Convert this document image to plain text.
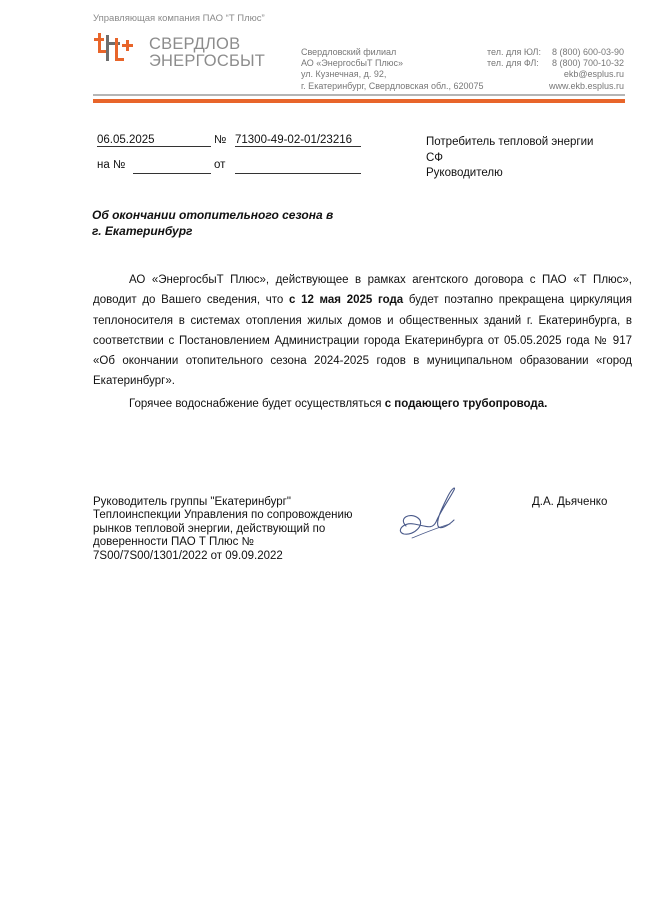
Управляющая компания ПАО “Т Плюс”
СВЕРДЛОВ
ЭНЕРГОСБЫТ	Свердловский филиал
АО «ЭнергосбыТ Плюс»
ул. Кузнечная, д. 92,
г. Екатеринбург, Свердловская обл., 620075
тел. для ЮЛ: 8 (800) 600-03-90
тел. для ФЛ: 8 (800) 700-10-32
ekb@esplus.ru
www.ekb.esplus.ru
06.05.2025	№ 71300-49-02-01/23216
на №	от
Потребитель тепловой энергии
СФ
Руководителю
Об окончании отопительного сезона в
г. Екатеринбург

АО «ЭнергосбыТ Плюс», действующее в рамках агентского договора с ПАО «Т Плюс», доводит до Вашего сведения, что с 12 мая 2025 года будет поэтапно прекращена циркуляция теплоносителя в системах отопления жилых домов и общественных зданий г. Екатеринбурга, в соответствии с Постановлением Администрации города Екатеринбурга от 05.05.2025 года № 917 «Об окончании отопительного сезона 2024-2025 годов в муниципальном образовании «город Екатеринбург».

Горячее водоснабжение будет осуществляться с подающего трубопровода.

Руководитель группы "Екатеринбург"
Теплоинспекции Управления по сопровождению
рынков тепловой энергии, действующий по
доверенности ПАО Т Плюс №
7S00/7S00/1301/2022 от 09.09.2022
Д.А. Дьяченко
